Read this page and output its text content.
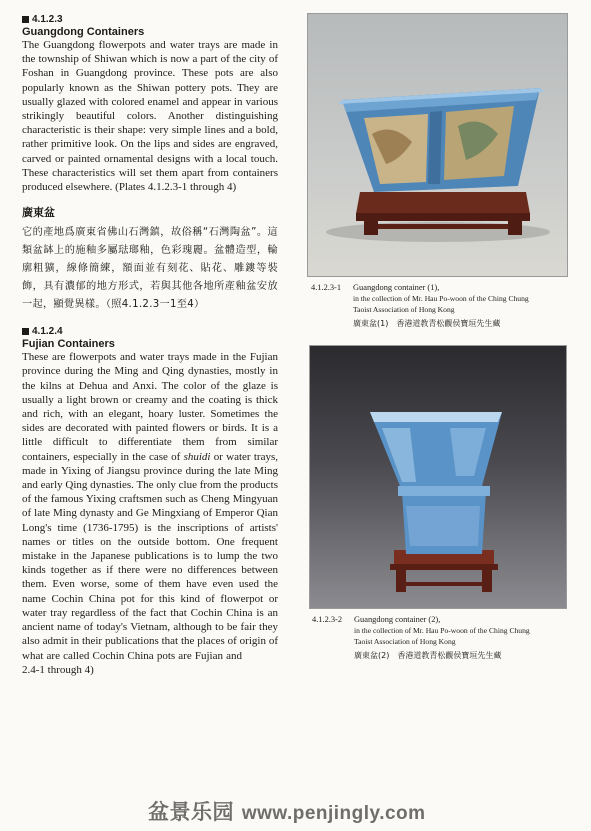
4.1.2.3
Guangdong Containers

The Guangdong flowerpots and water trays are made in the township of Shiwan which is now a part of the city of Foshan in Guangdong province. These pots are also popularly known as the Shiwan pottery pots. They are usually glazed with colored enamel and appear in various strikingly beautiful colors. Another distinguishing characteristic is their shape: very simple lines and a bold, rather primitive look. On the lips and sides are engraved, carved or painted ornamental designs with a local touch. These characteristics will set them apart from containers produced elsewhere. (Plates 4.1.2.3-1 through 4)

廣東盆

它的產地爲廣東省佛山石灣鎮，故俗稱“石灣陶盆”。這類盆缽上的施釉多屬琺瑯釉，色彩瑰麗。盆體造型，輪廓粗獷，線條簡練，額面並有刻花、貼花、雕鏤等裝飾，具有濃郁的地方形式，若與其他各地所產釉盆安放一起，顯覺異樣。（照4.1.2.3一1至4）

4.1.2.4
Fujian Containers

These are flowerpots and water trays made in the Fujian province during the Ming and Qing dynasties, mostly in the kilns at Dehua and Anxi. The color of the glaze is usually a light brown or creamy and the coating is thick and rich, with an elegant, hoary luster. Sometimes the sides are decorated with painted flowers or birds. It is a little difficult to differentiate them from similar containers, especially in the case of shuidi or water trays, made in Yixing of Jiangsu province during the late Ming and early Qing dynasties. The only clue from the products of the famous Yixing craftsmen such as Cheng Mingyuan of late Ming dynasty and Ge Mingxiang of Emperor Qian Long's time (1736-1795) is the inscriptions of artists' names or titles on the outside bottom. One frequent mistake in the Japanese publications is to lump the two kinds together as if there were no differences between them. Even worse, some of them have even used the name Cochin China pot for this kind of flowerpot or water tray regardless of the fact that Cochin China is an ancient name of today's Vietnam, although to be fair they also admit in their publications that the places of origin of what are called Cochin China pots are Fujian and2.4-1 through 4)

4.1.2.3-1 Guangdong container (1),
in the collection of Mr. Hau Po-woon of the Ching Chung
Taoist Association of Hong Kong
廣東盆(1)　香港道教青松觀侯寶垣先生藏
4.1.2.3-2 Guangdong container (2),
in the collection of Mr. Hau Po-woon of the Ching Chung
Taoist Association of Hong Kong
廣東盆(2)　香港道教青松觀侯寶垣先生藏
盆景乐园 www.penjingly.com
